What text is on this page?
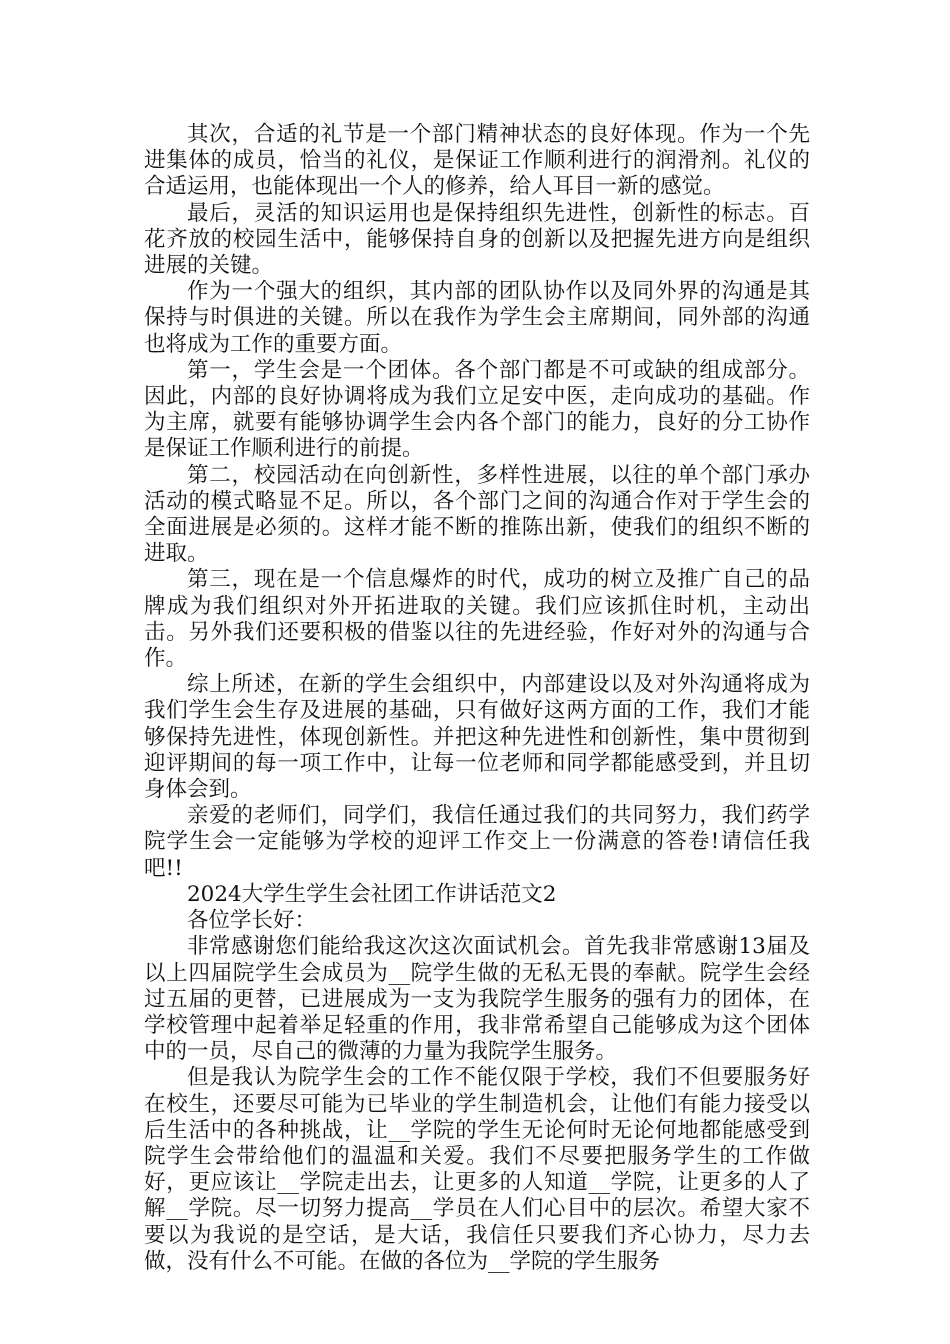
其次，合适的礼节是一个部门精神状态的良好体现。作为一个先进集体的成员，恰当的礼仪，是保证工作顺利进行的润滑剂。礼仪的合适运用，也能体现出一个人的修养，给人耳目一新的感觉。

最后，灵活的知识运用也是保持组织先进性，创新性的标志。百花齐放的校园生活中，能够保持自身的创新以及把握先进方向是组织进展的关键。

作为一个强大的组织，其内部的团队协作以及同外界的沟通是其保持与时俱进的关键。所以在我作为学生会主席期间，同外部的沟通也将成为工作的重要方面。

第一，学生会是一个团体。各个部门都是不可或缺的组成部分。因此，内部的良好协调将成为我们立足安中医，走向成功的基础。作为主席，就要有能够协调学生会内各个部门的能力，良好的分工协作是保证工作顺利进行的前提。

第二，校园活动在向创新性，多样性进展，以往的单个部门承办活动的模式略显不足。所以，各个部门之间的沟通合作对于学生会的全面进展是必须的。这样才能不断的推陈出新，使我们的组织不断的进取。

第三，现在是一个信息爆炸的时代，成功的树立及推广自己的品牌成为我们组织对外开拓进取的关键。我们应该抓住时机，主动出击。另外我们还要积极的借鉴以往的先进经验，作好对外的沟通与合作。

综上所述，在新的学生会组织中，内部建设以及对外沟通将成为我们学生会生存及进展的基础，只有做好这两方面的工作，我们才能够保持先进性，体现创新性。并把这种先进性和创新性，集中贯彻到迎评期间的每一项工作中，让每一位老师和同学都能感受到，并且切身体会到。

亲爱的老师们，同学们，我信任通过我们的共同努力，我们药学院学生会一定能够为学校的迎评工作交上一份满意的答卷!请信任我吧!!

2024大学生学生会社团工作讲话范文2

各位学长好：

非常感谢您们能给我这次这次面试机会。首先我非常感谢13届及以上四届院学生会成员为__院学生做的无私无畏的奉献。院学生会经过五届的更替，已进展成为一支为我院学生服务的强有力的团体，在学校管理中起着举足轻重的作用，我非常希望自己能够成为这个团体中的一员，尽自己的微薄的力量为我院学生服务。

但是我认为院学生会的工作不能仅限于学校，我们不但要服务好在校生，还要尽可能为已毕业的学生制造机会，让他们有能力接受以后生活中的各种挑战，让__学院的学生无论何时无论何地都能感受到院学生会带给他们的温温和关爱。我们不尽要把服务学生的工作做好，更应该让__学院走出去，让更多的人知道__学院，让更多的人了解__学院。尽一切努力提高__学员在人们心目中的层次。希望大家不要以为我说的是空话，是大话，我信任只要我们齐心协力，尽力去做，没有什么不可能。在做的各位为__学院的学生服务
